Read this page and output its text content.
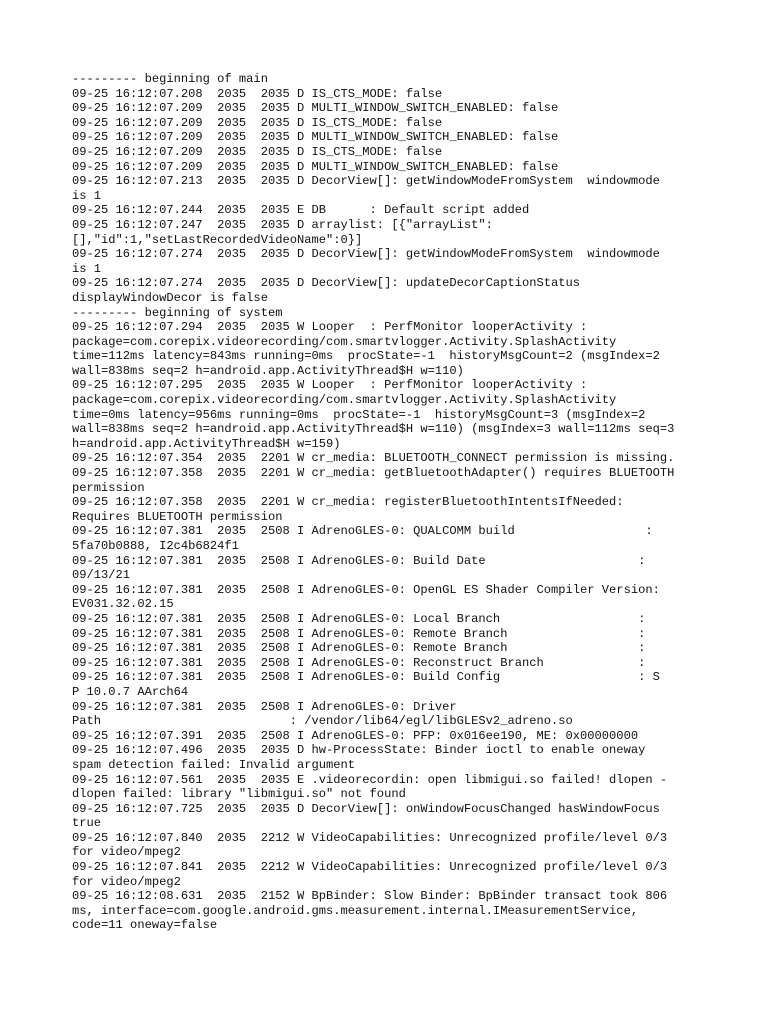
--------- beginning of main
09-25 16:12:07.208  2035  2035 D IS_CTS_MODE: false
09-25 16:12:07.209  2035  2035 D MULTI_WINDOW_SWITCH_ENABLED: false
09-25 16:12:07.209  2035  2035 D IS_CTS_MODE: false
09-25 16:12:07.209  2035  2035 D MULTI_WINDOW_SWITCH_ENABLED: false
09-25 16:12:07.209  2035  2035 D IS_CTS_MODE: false
09-25 16:12:07.209  2035  2035 D MULTI_WINDOW_SWITCH_ENABLED: false
09-25 16:12:07.213  2035  2035 D DecorView[]: getWindowModeFromSystem  windowmode
is 1
09-25 16:12:07.244  2035  2035 E DB      : Default script added
09-25 16:12:07.247  2035  2035 D arraylist: [{"arrayList":
[],"id":1,"setLastRecordedVideoName":0}]
09-25 16:12:07.274  2035  2035 D DecorView[]: getWindowModeFromSystem  windowmode
is 1
09-25 16:12:07.274  2035  2035 D DecorView[]: updateDecorCaptionStatus
displayWindowDecor is false
--------- beginning of system
09-25 16:12:07.294  2035  2035 W Looper  : PerfMonitor looperActivity :
package=com.corepix.videorecording/com.smartvlogger.Activity.SplashActivity
time=112ms latency=843ms running=0ms  procState=-1  historyMsgCount=2 (msgIndex=2
wall=838ms seq=2 h=android.app.ActivityThread$H w=110)
09-25 16:12:07.295  2035  2035 W Looper  : PerfMonitor looperActivity :
package=com.corepix.videorecording/com.smartvlogger.Activity.SplashActivity
time=0ms latency=956ms running=0ms  procState=-1  historyMsgCount=3 (msgIndex=2
wall=838ms seq=2 h=android.app.ActivityThread$H w=110) (msgIndex=3 wall=112ms seq=3
h=android.app.ActivityThread$H w=159)
09-25 16:12:07.354  2035  2201 W cr_media: BLUETOOTH_CONNECT permission is missing.
09-25 16:12:07.358  2035  2201 W cr_media: getBluetoothAdapter() requires BLUETOOTH
permission
09-25 16:12:07.358  2035  2201 W cr_media: registerBluetoothIntentsIfNeeded:
Requires BLUETOOTH permission
09-25 16:12:07.381  2035  2508 I AdrenoGLES-0: QUALCOMM build                  :
5fa70b0888, I2c4b6824f1
09-25 16:12:07.381  2035  2508 I AdrenoGLES-0: Build Date                     :
09/13/21
09-25 16:12:07.381  2035  2508 I AdrenoGLES-0: OpenGL ES Shader Compiler Version:
EV031.32.02.15
09-25 16:12:07.381  2035  2508 I AdrenoGLES-0: Local Branch                   :
09-25 16:12:07.381  2035  2508 I AdrenoGLES-0: Remote Branch                  :
09-25 16:12:07.381  2035  2508 I AdrenoGLES-0: Remote Branch                  :
09-25 16:12:07.381  2035  2508 I AdrenoGLES-0: Reconstruct Branch             :
09-25 16:12:07.381  2035  2508 I AdrenoGLES-0: Build Config                   : S
P 10.0.7 AArch64
09-25 16:12:07.381  2035  2508 I AdrenoGLES-0: Driver
Path                          : /vendor/lib64/egl/libGLESv2_adreno.so
09-25 16:12:07.391  2035  2508 I AdrenoGLES-0: PFP: 0x016ee190, ME: 0x00000000
09-25 16:12:07.496  2035  2035 D hw-ProcessState: Binder ioctl to enable oneway
spam detection failed: Invalid argument
09-25 16:12:07.561  2035  2035 E .videorecordin: open libmigui.so failed! dlopen -
dlopen failed: library "libmigui.so" not found
09-25 16:12:07.725  2035  2035 D DecorView[]: onWindowFocusChanged hasWindowFocus
true
09-25 16:12:07.840  2035  2212 W VideoCapabilities: Unrecognized profile/level 0/3
for video/mpeg2
09-25 16:12:07.841  2035  2212 W VideoCapabilities: Unrecognized profile/level 0/3
for video/mpeg2
09-25 16:12:08.631  2035  2152 W BpBinder: Slow Binder: BpBinder transact took 806
ms, interface=com.google.android.gms.measurement.internal.IMeasurementService,
code=11 oneway=false
